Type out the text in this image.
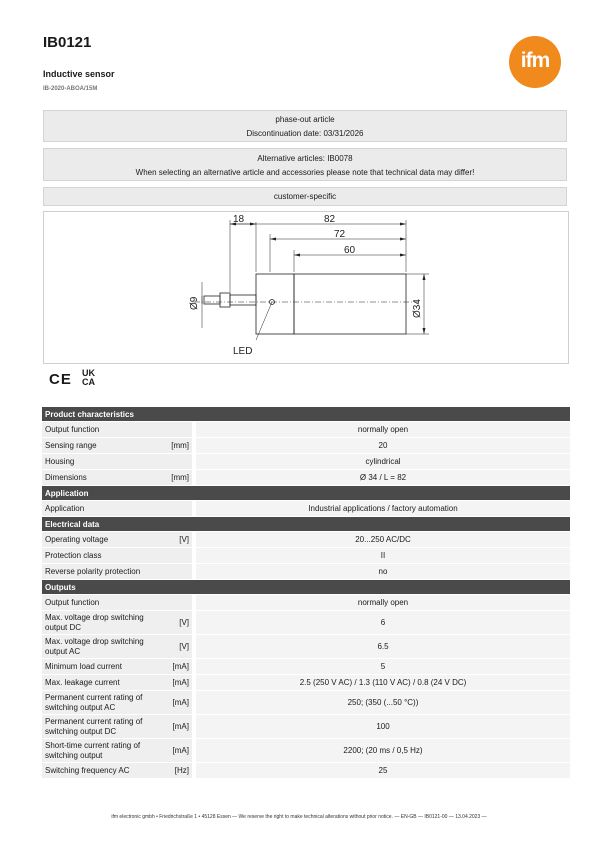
IB0121
Inductive sensor
IB-2020-ABOA/15M
ifm
phase-out article
Discontinuation date: 03/31/2026
Alternative articles: IB0078
When selecting an alternative article and accessories please note that technical data may differ!
customer-specific
18	82
72
60
LED
Ø9	Ø34
CE UK
CA
Product characteristics		
Output function		normally open
Sensing range	[mm]	20
Housing		cylindrical
Dimensions	[mm]	Ø 34 / L = 82
Application		
Application		Industrial applications / factory automation
Electrical data		
Operating voltage	[V]	20...250 AC/DC
Protection class		II
Reverse polarity protection		no
Outputs		
Output function		normally open
Max. voltage drop switching output DC	[V]	6
Max. voltage drop switching output AC	[V]	6.5
Minimum load current	[mA]	5
Max. leakage current	[mA]	2.5 (250 V AC) / 1.3 (110 V AC) / 0.8 (24 V DC)
Permanent current rating of switching output AC	[mA]	250; (350 (...50 °C))
Permanent current rating of switching output DC	[mA]	100
Short-time current rating of switching output	[mA]	2200; (20 ms / 0,5 Hz)
Switching frequency AC	[Hz]	25
ifm electronic gmbh • Friedrichstraße 1 • 45128 Essen — We reserve the right to make technical alterations without prior notice. — EN-GB — IB0121-00 — 13.04.2023 —
